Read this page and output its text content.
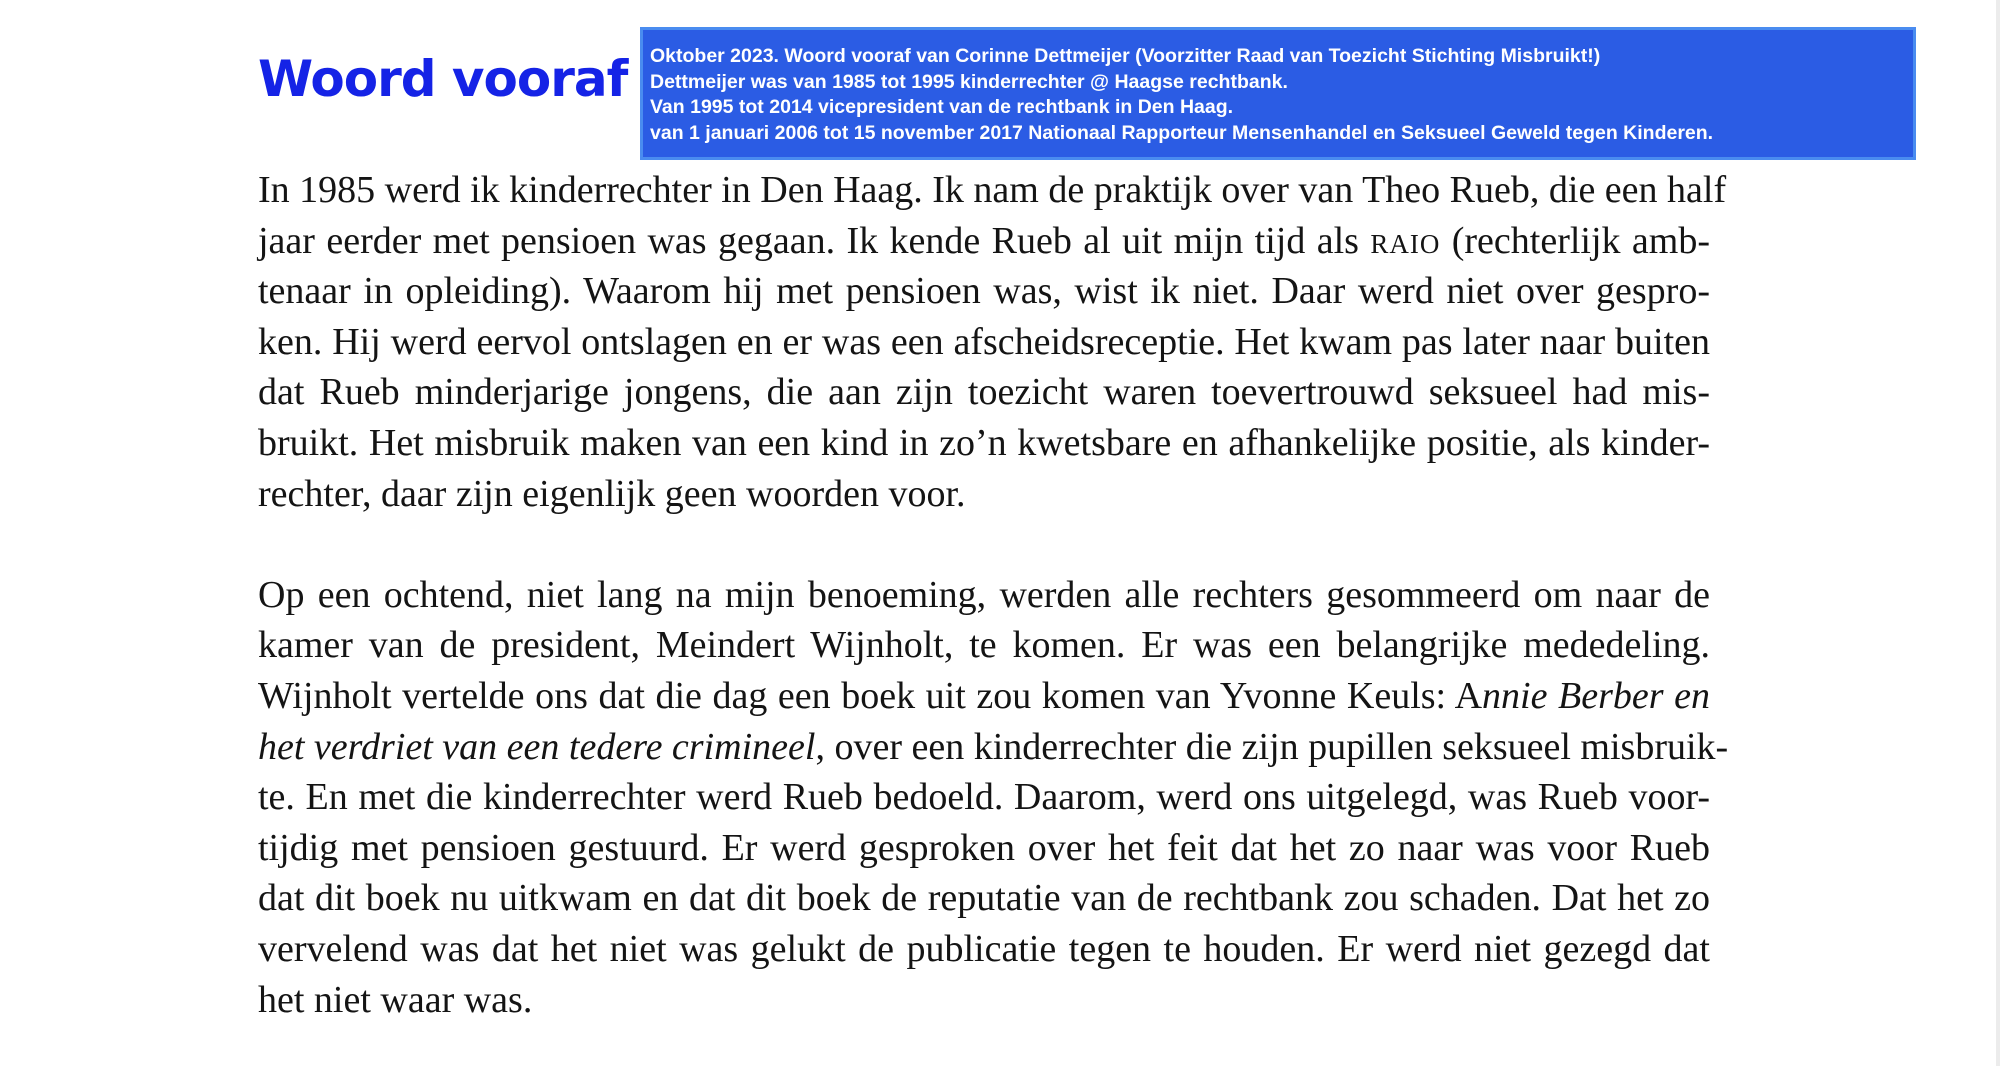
Woord vooraf Oktober 2023. Woord vooraf van Corinne Dettmeijer (Voorzitter Raad van Toezicht Stichting Misbruikt!)
Dettmeijer was van 1985 tot 1995 kinderrechter @ Haagse rechtbank.
Van 1995 tot 2014 vicepresident van de rechtbank in Den Haag.
van 1 januari 2006 tot 15 november 2017 Nationaal Rapporteur Mensenhandel en Seksueel Geweld tegen Kinderen.

In 1985 werd ik kinderrechter in Den Haag. Ik nam de praktijk over van Theo Rueb, die een half
jaar eerder met pensioen was gegaan. Ik kende Rueb al uit mijn tijd als raio (rechterlijk amb-
tenaar in opleiding). Waarom hij met pensioen was, wist ik niet. Daar werd niet over gespro-
ken. Hij werd eervol ontslagen en er was een afscheidsreceptie. Het kwam pas later naar buiten
dat Rueb minderjarige jongens, die aan zijn toezicht waren toevertrouwd seksueel had mis-
bruikt. Het misbruik maken van een kind in zo’n kwetsbare en afhankelijke positie, als kinder-
rechter, daar zijn eigenlijk geen woorden voor.

Op een ochtend, niet lang na mijn benoeming, werden alle rechters gesommeerd om naar de
kamer van de president, Meindert Wijnholt, te komen. Er was een belangrijke mededeling.
Wijnholt vertelde ons dat die dag een boek uit zou komen van Yvonne Keuls: Annie Berber en
het verdriet van een tedere crimineel, over een kinderrechter die zijn pupillen seksueel misbruik-
te. En met die kinderrechter werd Rueb bedoeld. Daarom, werd ons uitgelegd, was Rueb voor-
tijdig met pensioen gestuurd. Er werd gesproken over het feit dat het zo naar was voor Rueb
dat dit boek nu uitkwam en dat dit boek de reputatie van de rechtbank zou schaden. Dat het zo
vervelend was dat het niet was gelukt de publicatie tegen te houden. Er werd niet gezegd dat
het niet waar was.
